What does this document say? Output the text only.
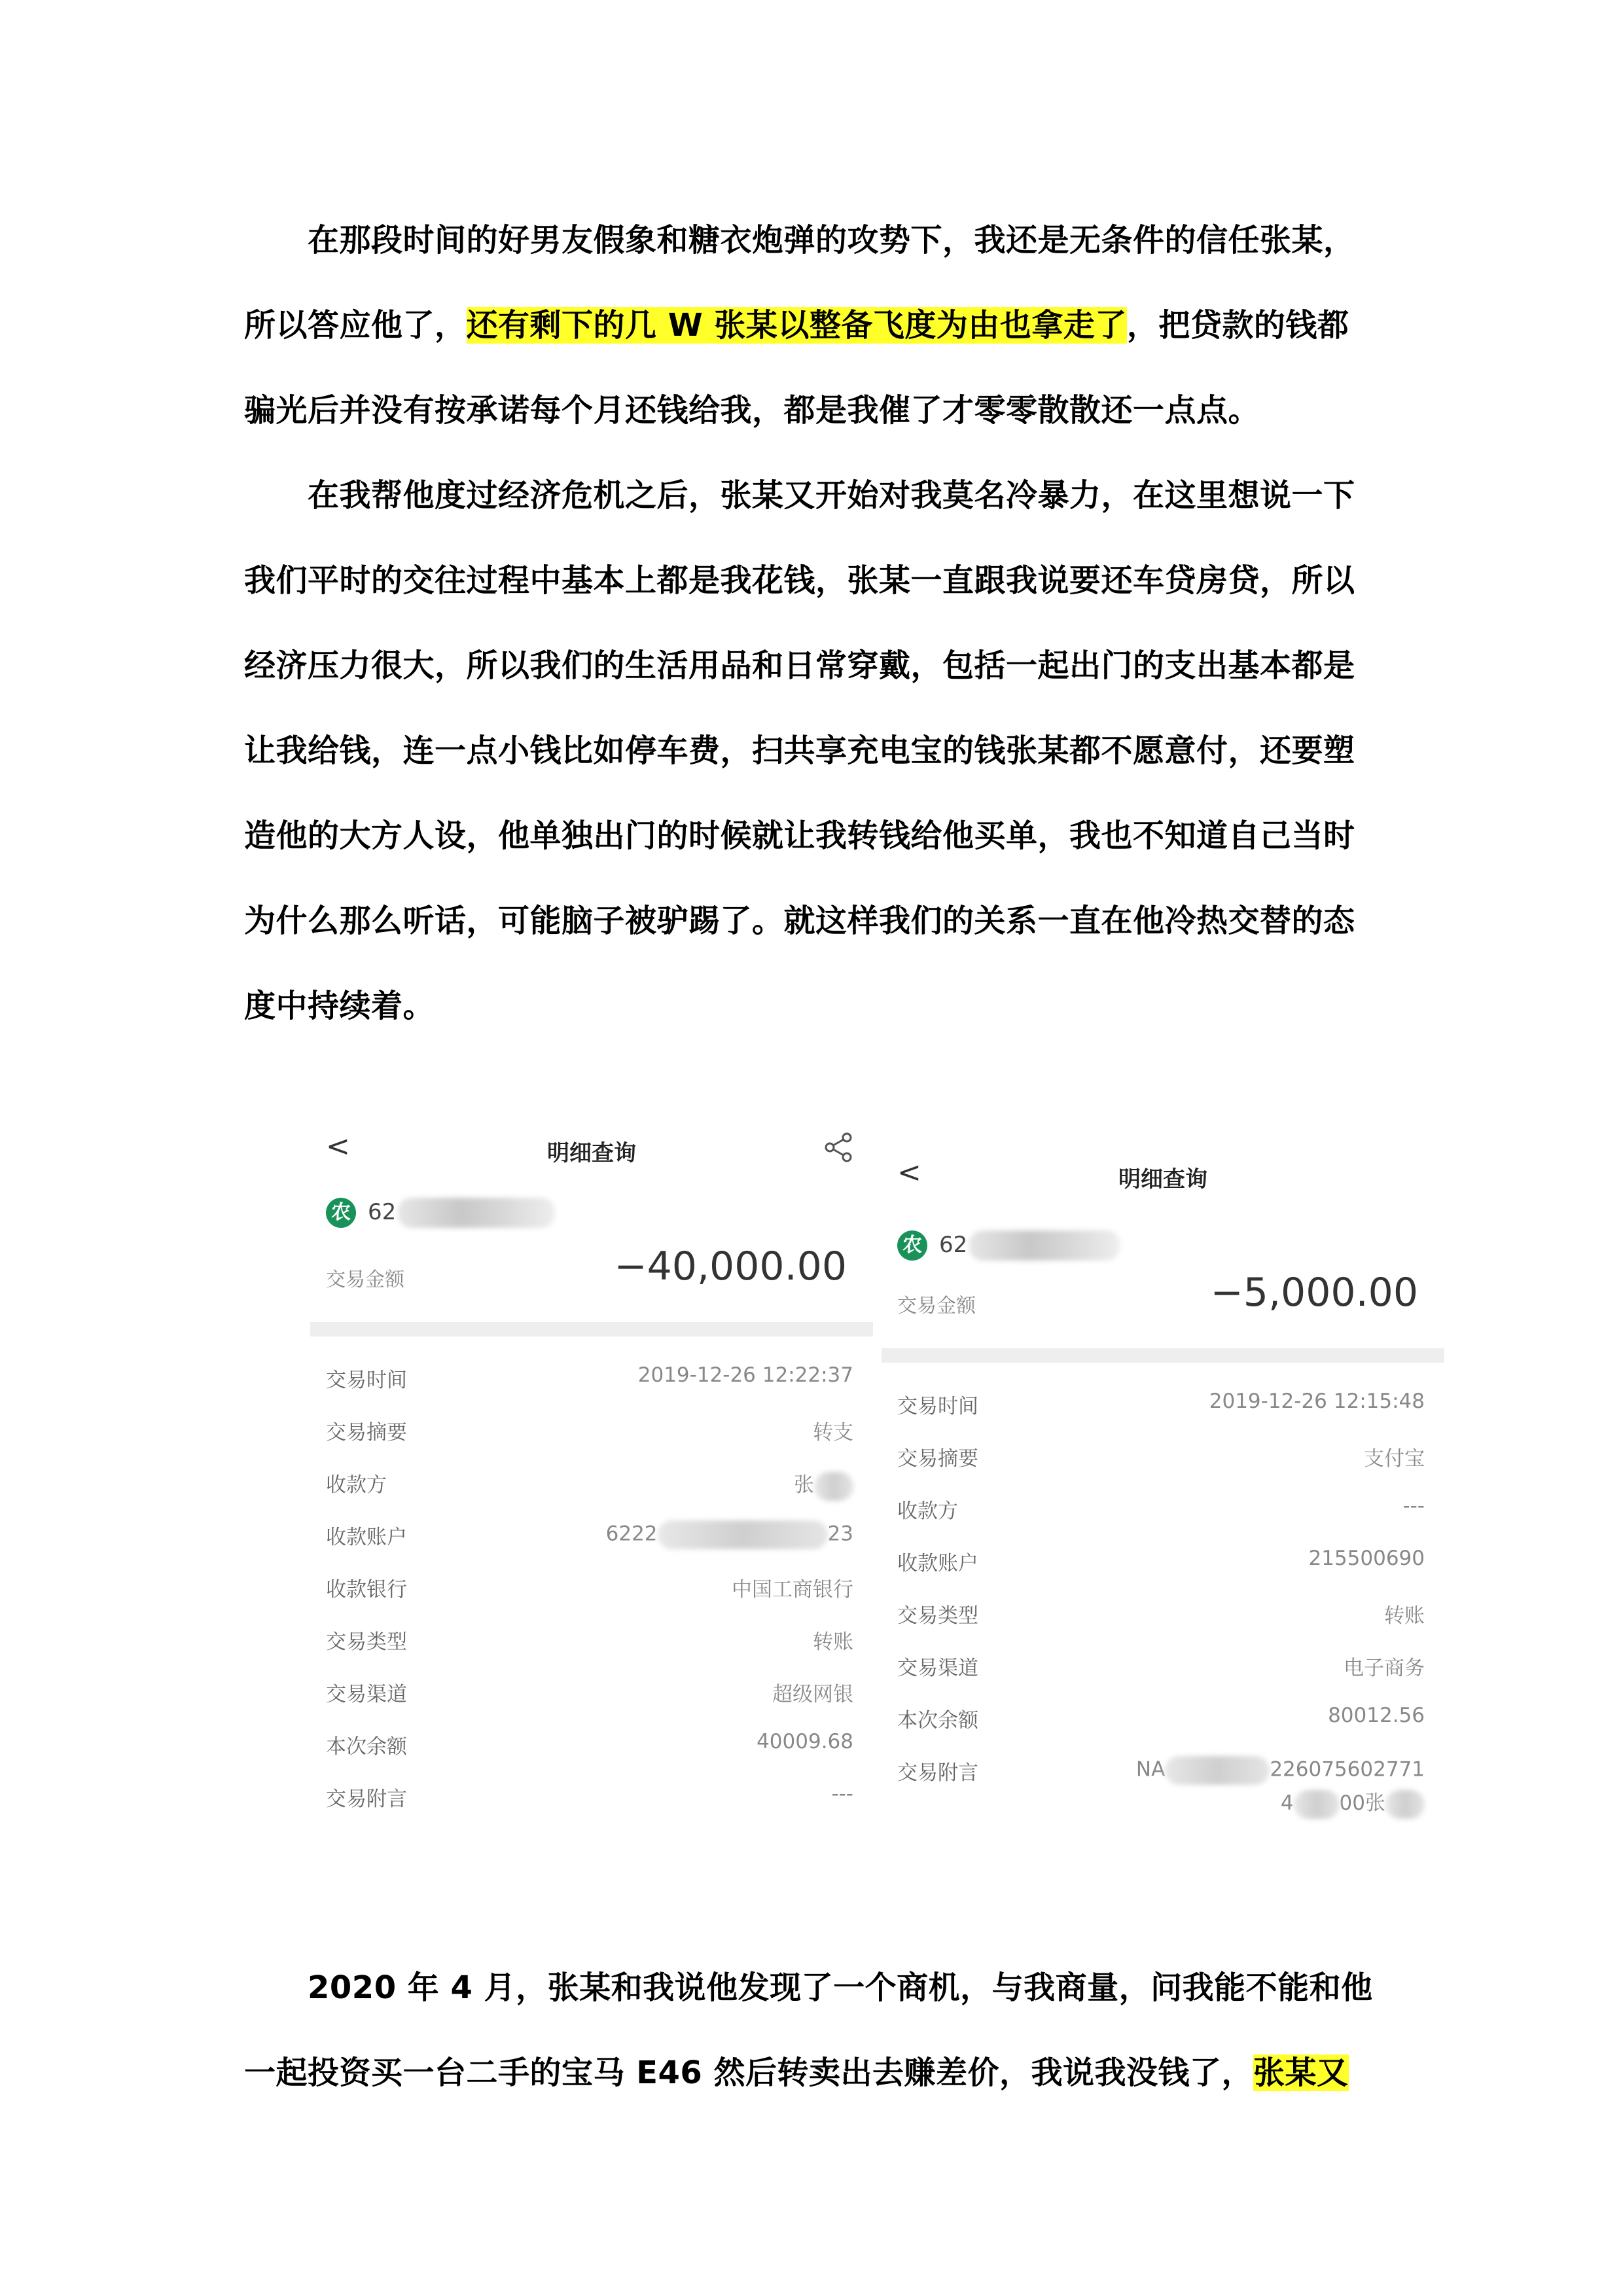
　　在那段时间的好男友假象和糖衣炮弹的攻势下，我还是无条件的信任张某，
所以答应他了，还有剩下的几 W 张某以整备飞度为由也拿走了，把贷款的钱都
骗光后并没有按承诺每个月还钱给我，都是我催了才零零散散还一点点。
　　在我帮他度过经济危机之后，张某又开始对我莫名冷暴力，在这里想说一下
我们平时的交往过程中基本上都是我花钱，张某一直跟我说要还车贷房贷，所以
经济压力很大，所以我们的生活用品和日常穿戴，包括一起出门的支出基本都是
让我给钱，连一点小钱比如停车费，扫共享充电宝的钱张某都不愿意付，还要塑
造他的大方人设，他单独出门的时候就让我转钱给他买单，我也不知道自己当时
为什么那么听话，可能脑子被驴踢了。就这样我们的关系一直在他冷热交替的态
度中持续着。
<	明细查询
农 62
交易金额	−40,000.00
交易时间	2019-12-26 12:22:37
交易摘要	转支
收款方	张
收款账户	6222	23
收款银行	中国工商银行
交易类型	转账
交易渠道	超级网银
本次余额	40009.68
交易附言	---
<	明细查询
农 62
交易金额	−5,000.00
交易时间	2019-12-26 12:15:48
交易摘要	支付宝
收款方	---
收款账户	215500690
交易类型	转账
交易渠道	电子商务
本次余额	80012.56
交易附言	NA	226075602771
4 00张
　　2020 年 4 月，张某和我说他发现了一个商机，与我商量，问我能不能和他
一起投资买一台二手的宝马 E46 然后转卖出去赚差价，我说我没钱了，张某又
